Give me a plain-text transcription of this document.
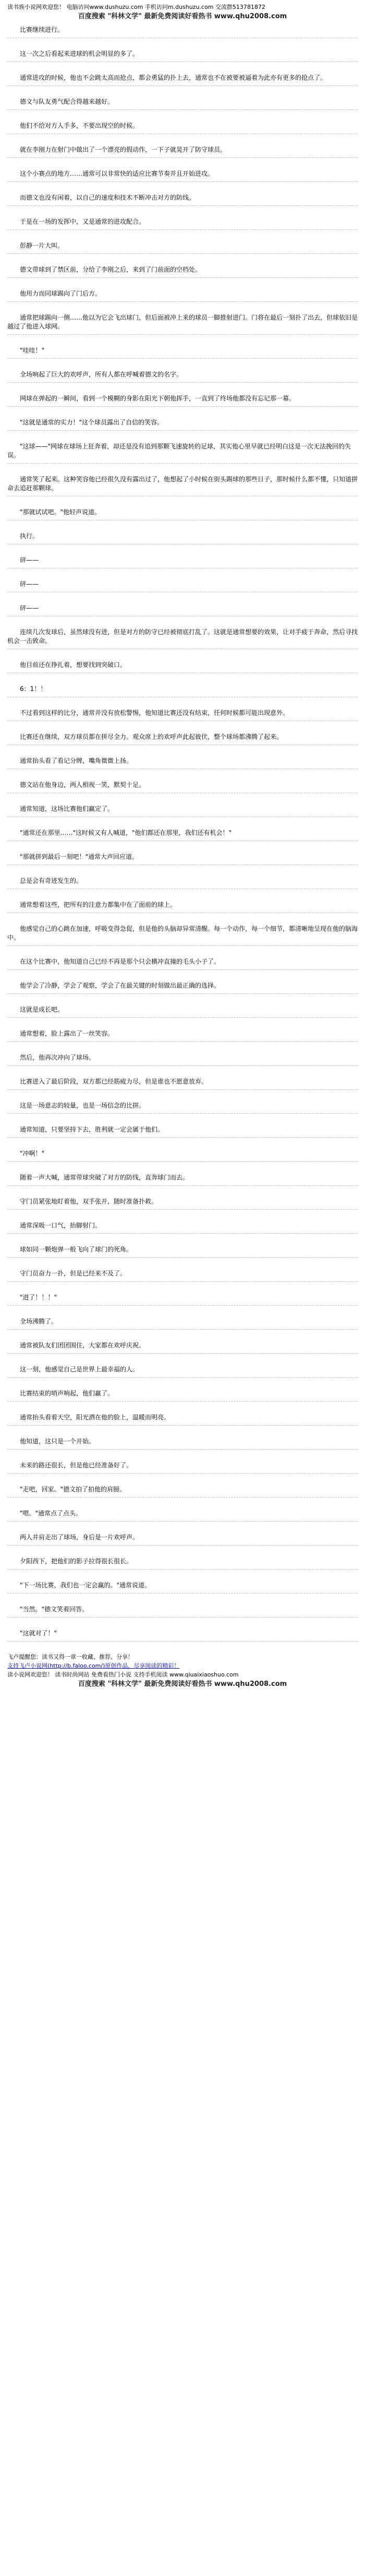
读书族小说网欢迎您！ 电脑访问www.dushuzu.com 手机访问m.dushuzu.com 交流群513781872
百度搜索 "科林文学" 最新免费阅读好看热书 www.qhu2008.com
比赛继续进行。
这一次之后看起来进球的机会明显的多了。
通常进攻的时候，他也不会跳太高而抢点，都会勇猛的扑上去，通常也不在被要被逼着为此亦有更多的抢点了。
德文与队友勇气配合得越来越好。
他们不给对方人手多，不要出现空的时候。
就在李刚力在射门中做出了一个漂亮的假动作，一下子就晃开了防守球员。
这个小赛点的地方……通常可以非常快的适应比赛节奏并且开始进攻。
而德文也没有闲着，以自己的速度和技术不断冲击对方的防线。
于是在一场的发挥中，又是通常的进攻配合。
彭静一片大叫。
德文带球到了禁区前，分给了李刚之后，来到了门前面的空档处。
他用力而同球踢向了门后方。
通常把球踢向一侧……他以为它会飞出球门，但后面被冲上来的球员一脚推射进门。门将在最后一刻扑了出去，但球依旧是越过了他进入球网。
"哇哇！"
全场响起了巨大的欢呼声，所有人都在呼喊着德文的名字。
网球在弹起的一瞬间，看到一个模糊的身影在阳光下朝他挥手，一直到了终场他都没有忘记那一幕。
"这就是通常的实力！"这个球员露出了自信的笑容。
"这球——"网球在球场上狂奔着，却还是没有追到那颗飞速旋转的足球，其实他心里早就已经明白这是一次无法挽回的失误。
通常笑了起来。这种笑容他已经很久没有露出过了，他想起了小时候在街头踢球的那些日子，那时候什么都不懂，只知道拼命去追赶那颗球。
"那就试试吧。"他轻声说道。
执行。
砰——
砰——
砰——
连续几次发球后，虽然球没有进，但是对方的防守已经被彻底打乱了。这就是通常想要的效果，让对手疲于奔命，然后寻找机会一击致命。
他目前还在挣扎着，想要找到突破口。
6：1！！
不过看到这样的比分，通常并没有放松警惕，他知道比赛还没有结束，任何时候都可能出现意外。
比赛还在继续，双方球员都在拼尽全力。观众席上的欢呼声此起彼伏，整个球场都沸腾了起来。
通常抬头看了看记分牌，嘴角微微上扬。
德文站在他身边，两人相视一笑，默契十足。
通常知道，这场比赛他们赢定了。
"通常还在那里……"这时候又有人喊道，"他们都还在那里，我们还有机会！"
"那就拼到最后一刻吧！"通常大声回应道。
总是会有奇迹发生的。
通常想着这些，把所有的注意力都集中在了面前的球上。
他感觉自己的心跳在加速，呼吸变得急促，但是他的头脑却异常清醒。每一个动作，每一个细节，都清晰地呈现在他的脑海中。
在这个比赛中，他知道自己已经不再是那个只会横冲直撞的毛头小子了。
他学会了冷静，学会了观察，学会了在最关键的时刻做出最正确的选择。
这就是成长吧。
通常想着，脸上露出了一丝笑容。
然后，他再次冲向了球场。
比赛进入了最后阶段，双方都已经筋疲力尽，但是谁也不愿意放弃。
这是一场意志的较量，也是一场信念的比拼。
通常知道，只要坚持下去，胜利就一定会属于他们。
"冲啊！"
随着一声大喊，通常带球突破了对方的防线，直奔球门而去。
守门员紧张地盯着他，双手张开，随时准备扑救。
通常深吸一口气，抬脚射门。
球如同一颗炮弹一般飞向了球门的死角。
守门员奋力一扑，但是已经来不及了。
"进了！！！"
全场沸腾了。
通常被队友们团团围住，大家都在欢呼庆祝。
这一刻，他感觉自己是世界上最幸福的人。
比赛结束的哨声响起，他们赢了。
通常抬头看着天空，阳光洒在他的脸上，温暖而明亮。
他知道，这只是一个开始。
未来的路还很长，但是他已经准备好了。
"走吧，回家。"德文拍了拍他的肩膀。
"嗯。"通常点了点头。
两人并肩走出了球场，身后是一片欢呼声。
夕阳西下，把他们的影子拉得很长很长。
"下一场比赛，我们也一定会赢的。"通常说道。
"当然。"德文笑着回答。
"这就对了！"
飞卢提醒您：读书又得一章一收藏、推荐、分享！
支持飞卢小说网(http://b.faloo.com/)原创作品，尽享阅读的精彩！
读小说网欢迎您！ 读书时尚网站 免费看热门小说 支持手机阅读 www.qiuaixiaoshuo.com
百度搜索 "科林文学" 最新免费阅读好看热书 www.qhu2008.com
